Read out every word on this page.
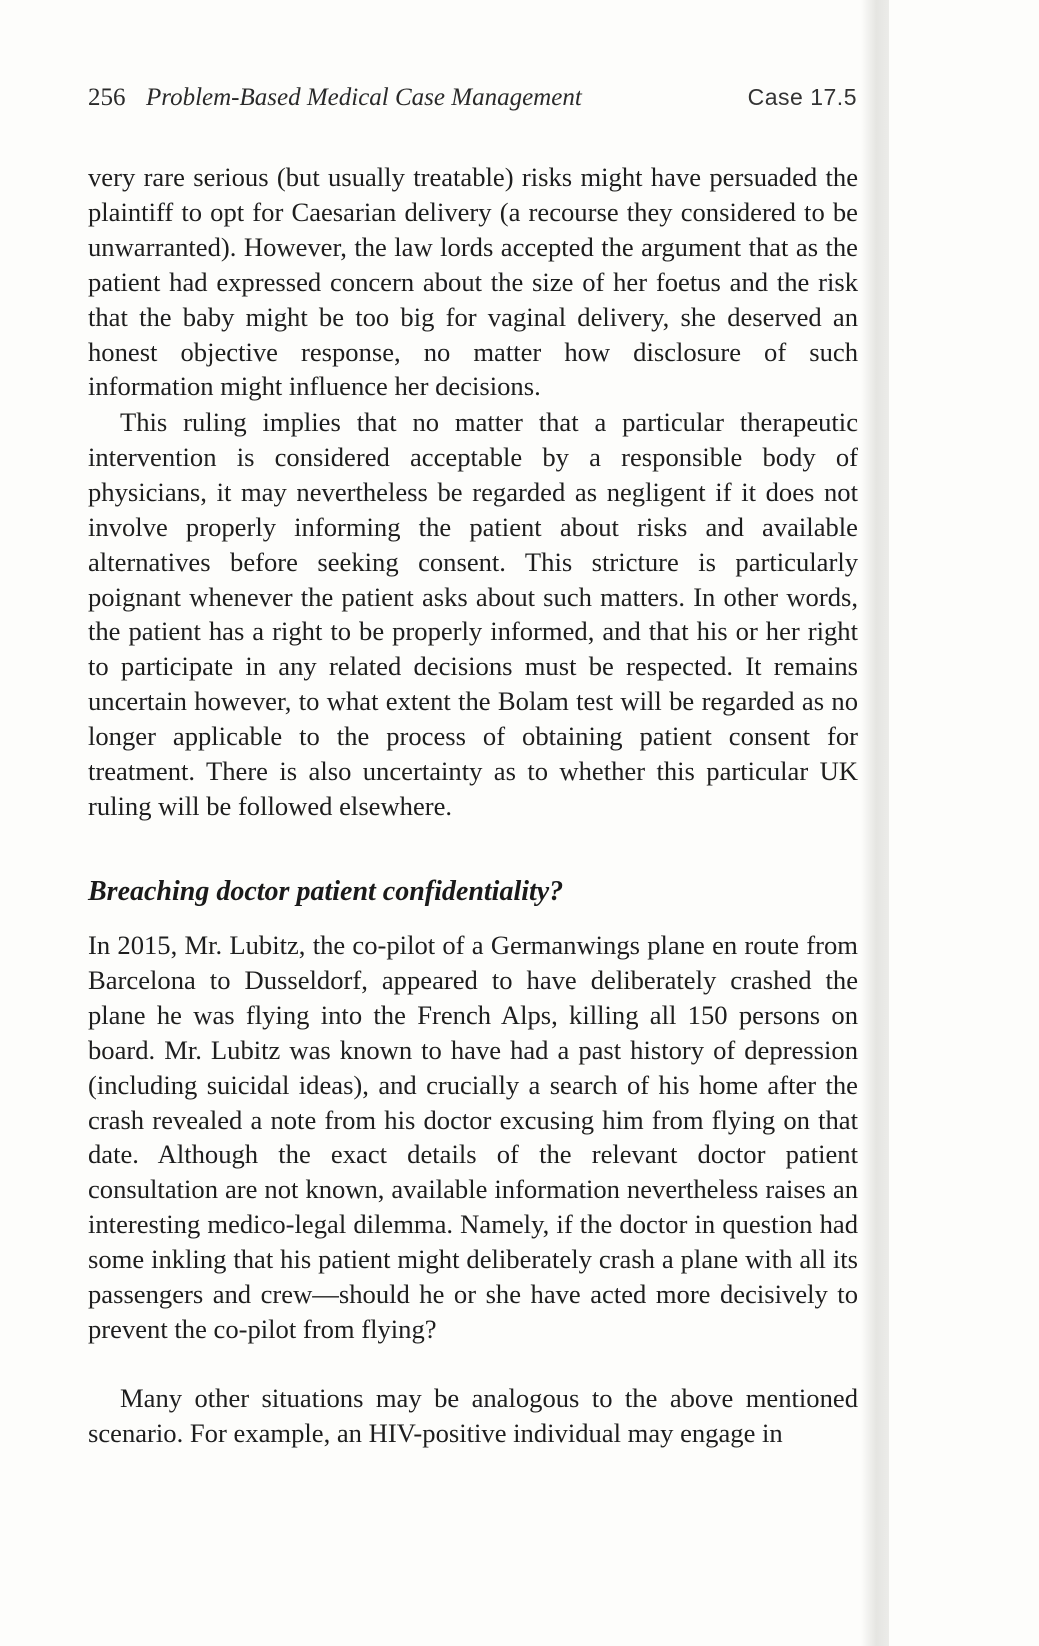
256 Problem-Based Medical Case Management	Case 17.5

very rare serious (but usually treatable) risks might have persuaded the plaintiff to opt for Caesarian delivery (a recourse they considered to be unwarranted). However, the law lords accepted the argument that as the patient had expressed concern about the size of her foetus and the risk that the baby might be too big for vaginal delivery, she deserved an honest objective response, no matter how disclosure of such information might influence her decisions.

This ruling implies that no matter that a particular therapeutic intervention is considered acceptable by a responsible body of physicians, it may nevertheless be regarded as negligent if it does not involve properly informing the patient about risks and available alternatives before seeking consent. This stricture is particularly poignant whenever the patient asks about such matters. In other words, the patient has a right to be properly informed, and that his or her right to participate in any related decisions must be respected. It remains uncertain however, to what extent the Bolam test will be regarded as no longer applicable to the process of obtaining patient consent for treatment. There is also uncertainty as to whether this particular UK ruling will be followed elsewhere.

Breaching doctor patient confidentiality?

In 2015, Mr. Lubitz, the co-pilot of a Germanwings plane en route from Barcelona to Dusseldorf, appeared to have deliberately crashed the plane he was flying into the French Alps, killing all 150 persons on board. Mr. Lubitz was known to have had a past history of depression (including suicidal ideas), and crucially a search of his home after the crash revealed a note from his doctor excusing him from flying on that date. Although the exact details of the relevant doctor patient consultation are not known, available information nevertheless raises an interesting medico-legal dilemma. Namely, if the doctor in question had some inkling that his patient might deliberately crash a plane with all its passengers and crew—should he or she have acted more decisively to prevent the co-pilot from flying?

Many other situations may be analogous to the above mentioned scenario. For example, an HIV-positive individual may engage in
